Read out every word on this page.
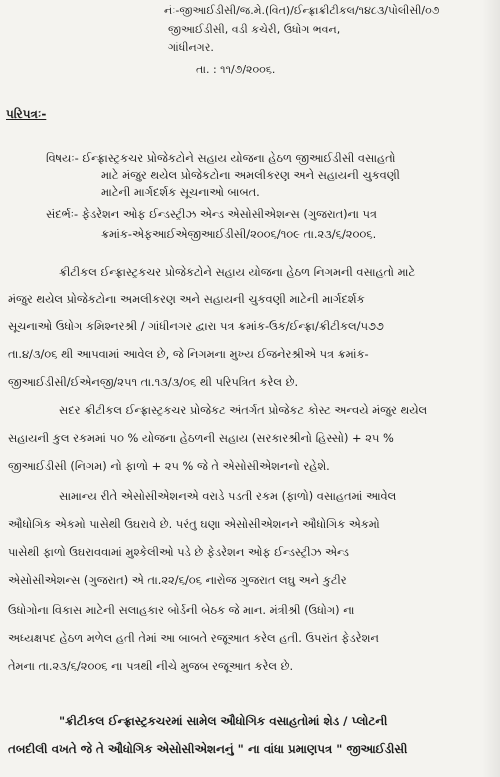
નંઃ-જીઆઈડીસી/જ.મે.(વિત)/ઈન્ફ્રાક્રીટીકલ/૧૪૮૩/પોલીસી/૦૭
જીઆઈડીસી, વડી કચેરી, ઉધોગ ભવન,
ગાંધીનગર.
તા. : ૧૧/૭/૨૦૦૬.
પરિપત્રઃ-
વિષયઃ- ઈન્ફ્રાસ્ટ્રકચર પ્રોજેકટોને સહાય યોજના હેઠળ જીઆઈડીસી વસાહતો
માટે મંજુર થયેલ પ્રોજેકટોના અમલીકરણ અને સહાયની ચુકવણી
માટેની માર્ગદર્શક સૂચનાઓ બાબત.
સંદર્ભઃ- ફેડરેશન ઓફ ઈન્ડસ્ટ્રીઝ એન્ડ એસોસીએશન્સ (ગુજરાત)ના પત્ર
ક્રમાંક-એફઆઈએજીઆઈડીસી/૨૦૦૬/૧૦૯ તા.૨૩/૬/૨૦૦૬.
ક્રીટીકલ ઈન્ફ્રાસ્ટ્રકચર પ્રોજેકટોને સહાય યોજના હેઠળ નિગમની વસાહતો માટે
મંજુર થયેલ પ્રોજેકટોના અમલીકરણ અને સહાયની ચુકવણી માટેની માર્ગદર્શક
સૂચનાઓ ઉધોગ કમિશ્નરશ્રી / ગાંધીનગર દ્વારા પત્ર ક્રમાંક-ઉક/ઈન્ફ્રા/ક્રીટીકલ/૫૭૭
તા.૪/૩/૦૬ થી આપવામાં આવેલ છે, જે નિગમના મુખ્ય ઈજનેરશ્રીએ પત્ર ક્રમાંક-
જીઆઈડીસી/ઈએનજી/૨૫૧ તા.૧૩/૩/૦૬ થી પરિપત્રિત કરેલ છે.
સદર ક્રીટીકલ ઈન્ફ્રાસ્ટ્રકચર પ્રોજેકટ અંતર્ગત પ્રોજેકટ કોસ્ટ અન્વયે મંજુર થયેલ
સહાયની કુલ રકમમાં ૫૦ % યોજના હેઠળની સહાય (સરકારશ્રીનો હિસ્સો) + ૨૫ %
જીઆઈડીસી (નિગમ) નો ફાળો + ૨૫ % જે તે એસોસીએશનનો રહેશે.
સામાન્ય રીતે એસોસીએશનએ વરાડે પડતી રકમ (ફાળો) વસાહતમાં આવેલ
ઔધોગિક એકમો પાસેથી ઉઘરાવે છે. પરંતુ ઘણા એસોસીએશનને ઔધોગિક એકમો
પાસેથી ફાળો ઉઘરાવવામાં મુશ્કેલીઓ પડે છે ફેડરેશન ઓફ ઈન્ડસ્ટ્રીઝ એન્ડ
એસોસીએશન્સ (ગુજરાત) એ તા.૨૨/૬/૦૬ નારોજ ગુજરાત લઘુ અને કુટીર
ઉધોગોના વિકાસ માટેની સલાહકાર બોર્ડની બેઠક જે માન. મંત્રીશ્રી (ઉધોગ) ના
અધ્યક્ષપદ હેઠળ મળેલ હતી તેમાં આ બાબતે રજૂઆત કરેલ હતી. ઉપરાંત ફેડરેશન
તેમના તા.૨૩/૬/૨૦૦૬ ના પત્રથી નીચે મુજબ રજૂઆત કરેલ છે.
"ક્રીટીકલ ઈન્ફ્રાસ્ટ્રકચરમાં સામેલ ઔધોગિક વસાહતોમાં શેડ / પ્લોટની
તબદીલી વખતે જે તે ઔધોગિક એસોસીએશનનું " ના વાંધા પ્રમાણપત્ર " જીઆઈડીસી
